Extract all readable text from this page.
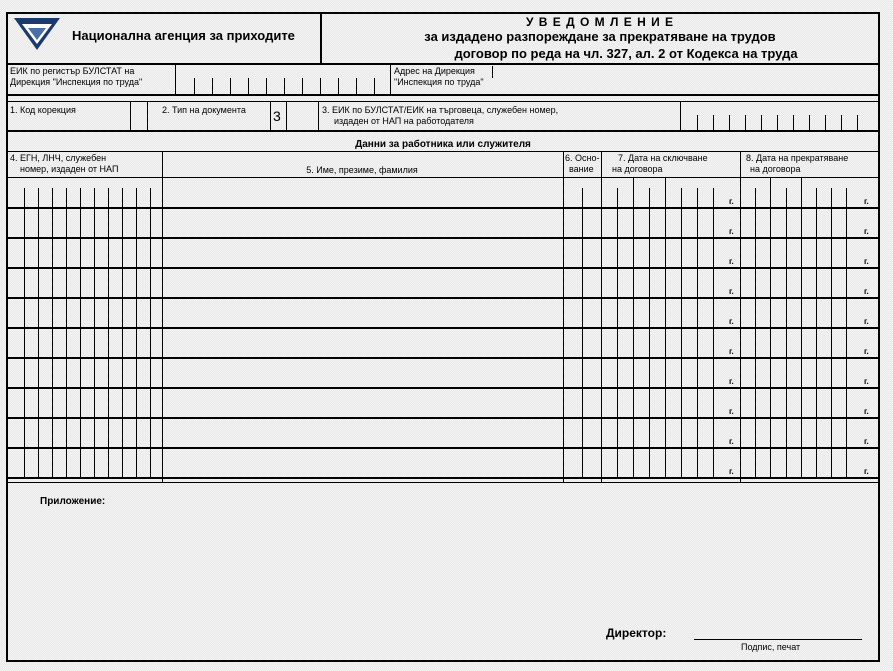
Национална агенция за приходите
У В Е Д О М Л Е Н И Е
за издадено разпореждане за прекратяване на трудов
договор по реда на чл. 327, ал. 2 от Кодекса на труда
ЕИК по регистър БУЛСТАТ на
Дирекция "Инспекция по труда"
Адрес на Дирекция
"Инспекция по труда"
1. Код корекция	2. Тип на документа 3	3. ЕИК по БУЛСТАТ/ЕИК на търговеца, служебен номер,
издаден от НАП на работодателя
Данни за работника или служителя
4. ЕГН, ЛНЧ, служебен
номер, издаден от НАП	5. Име, презиме, фамилия
6. Осно-
вание
7. Дата на сключване
на договора
8. Дата на прекратяване
на договора
г.	г.
г.	г.
г.	г.
г.	г.
г.	г.
г.	г.
г.	г.
г.	г.
г.	г.
г.	г.
Приложение:
Директор:
Подпис, печат
